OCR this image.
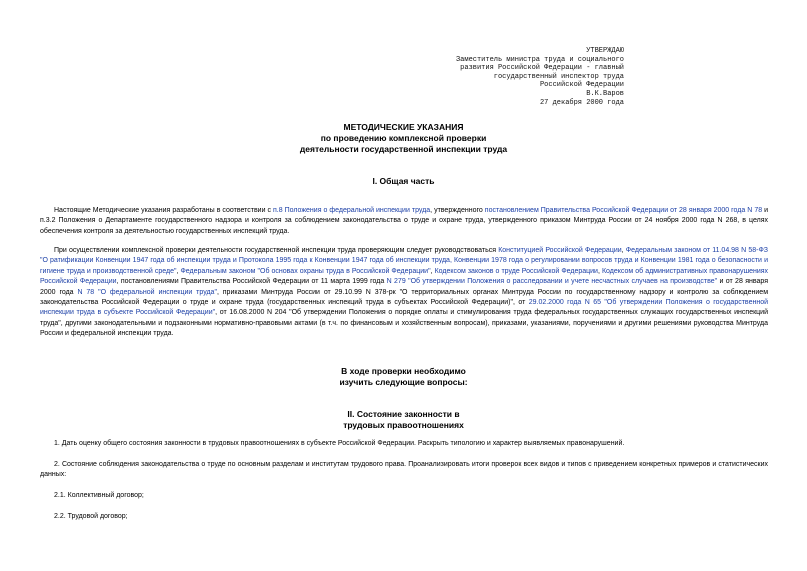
УТВЕРЖДАЮ
Заместитель министра труда и социального
развития Российской Федерации - главный
государственный инспектор труда
Российской Федерации
В.К.Варов
27 декабря 2000 года
МЕТОДИЧЕСКИЕ УКАЗАНИЯ
по проведению комплексной проверки
деятельности государственной инспекции труда
I. Общая часть
Настоящие Методические указания разработаны в соответствии с п.8 Положения о федеральной инспекции труда, утвержденного постановлением Правительства Российской Федерации от 28 января 2000 года N 78 и п.3.2 Положения о Департаменте государственного надзора и контроля за соблюдением законодательства о труде и охране труда, утвержденного приказом Минтруда России от 24 ноября 2000 года N 268, в целях обеспечения контроля за деятельностью государственных инспекций труда.
При осуществлении комплексной проверки деятельности государственной инспекции труда проверяющим следует руководствоваться Конституцией Российской Федерации, Федеральным законом от 11.04.98 N 58-ФЗ "О ратификации Конвенции 1947 года об инспекции труда и Протокола 1995 года к Конвенции 1947 года об инспекции труда, Конвенции 1978 года о регулировании вопросов труда и Конвенции 1981 года о безопасности и гигиене труда и производственной среде", Федеральным законом "Об основах охраны труда в Российской Федерации", Кодексом законов о труде Российской Федерации, Кодексом об административных правонарушениях Российской Федерации, постановлениями Правительства Российской Федерации от 11 марта 1999 года N 279 "Об утверждении Положения о расследовании и учете несчастных случаев на производстве" и от 28 января 2000 года N 78 "О федеральной инспекции труда", приказами Минтруда России от 29.10.99 N 378-рк "О территориальных органах Минтруда России по государственному надзору и контролю за соблюдением законодательства Российской Федерации о труде и охране труда (государственных инспекций труда в субъектах Российской Федерации)", от 29.02.2000 года N 65 "Об утверждении Положения о государственной инспекции труда в субъекте Российской Федерации", от 16.08.2000 N 204 "Об утверждении Положения о порядке оплаты и стимулирования труда федеральных государственных служащих государственных инспекций труда", другими законодательными и подзаконными нормативно-правовыми актами (в т.ч. по финансовым и хозяйственным вопросам), приказами, указаниями, поручениями и другими решениями руководства Минтруда России и федеральной инспекции труда.
В ходе проверки необходимо
изучить следующие вопросы:
II. Состояние законности в
трудовых правоотношениях
1. Дать оценку общего состояния законности в трудовых правоотношениях в субъекте Российской Федерации. Раскрыть типологию и характер выявляемых правонарушений.
2. Состояние соблюдения законодательства о труде по основным разделам и институтам трудового права. Проанализировать итоги проверок всех видов и типов с приведением конкретных примеров и статистических данных:
2.1. Коллективный договор;
2.2. Трудовой договор;
